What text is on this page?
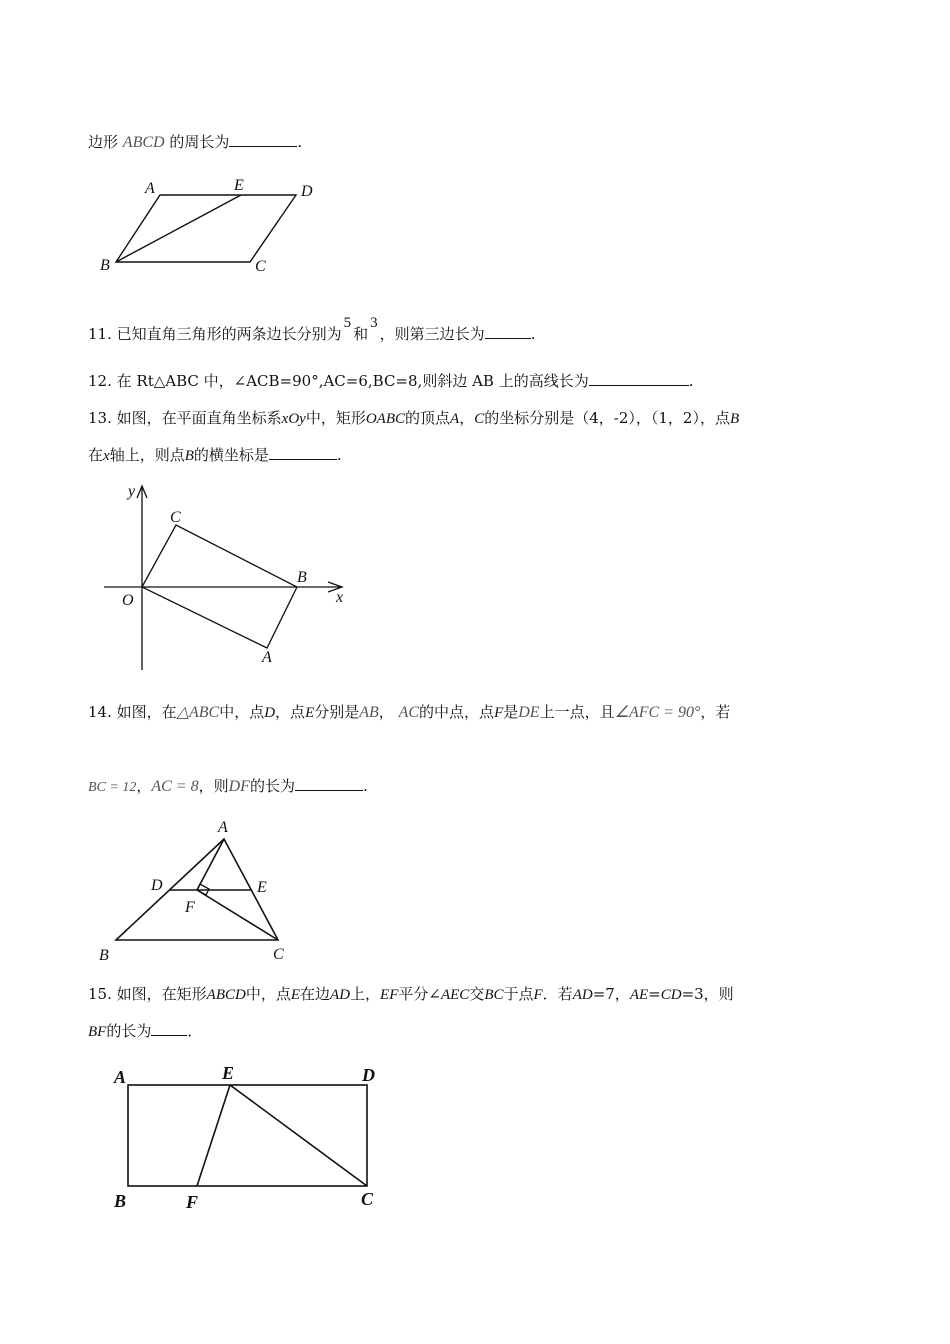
边形 ABCD 的周长为	.
A	E	D
B	C
11. 已知直角三角形的两条边长分别为5和3，则第三边长为	.
12. 在 Rt△ABC 中，∠ACB=90°,AC=6,BC=8,则斜边 AB 上的高线长为	.
13. 如图，在平面直角坐标系xOy中，矩形OABC的顶点A，C的坐标分别是（4，-2），（1，2），点B
在x轴上，则点B的横坐标是	.
y
x
O
C
B
A
14. 如图，在△ABC中，点D，点E分别是AB， AC的中点，点F是DE上一点，且∠AFC = 90°，若
BC = 12，AC = 8，则DF的长为	.
A
D	E
F
B	C
15. 如图，在矩形ABCD中，点E在边AD上，EF平分∠AEC交BC于点F．若AD=7，AE=CD=3，则
BF的长为 ．
A	E	D
B	F	C
